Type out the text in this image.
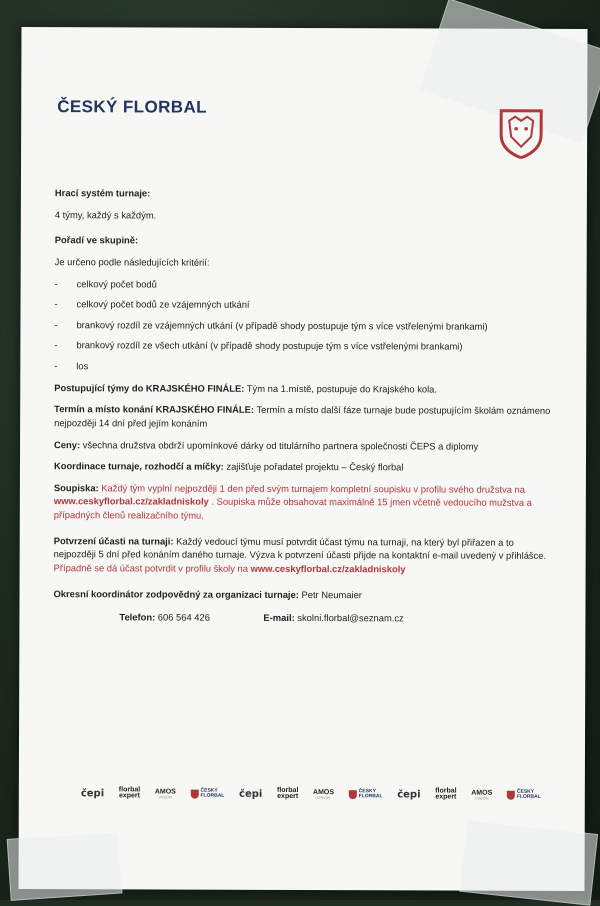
ČESKÝ FLORBAL

Hrací systém turnaje:

4 týmy, každý s každým.

Pořadí ve skupině:

Je určeno podle následujících kritérií:

- celkový počet bodů
- celkový počet bodů ze vzájemných utkání
- brankový rozdíl ze vzájemných utkání (v případě shody postupuje tým s více vstřelenými brankami)
- brankový rozdíl ze všech utkání (v případě shody postupuje tým s více vstřelenými brankami)
- los

Postupující týmy do KRAJSKÉHO FINÁLE: Tým na 1.místě, postupuje do Krajského kola.

Termín a místo konání KRAJSKÉHO FINÁLE: Termín a místo další fáze turnaje bude postupujícím školám oznámeno nejpozději 14 dní před jejím konáním

Ceny: všechna družstva obdrží upomínkové dárky od titulárního partnera společnosti ČEPS a diplomy

Koordinace turnaje, rozhodčí a míčky: zajišťuje pořadatel projektu – Český florbal

Soupiska: Každý tým vyplní nejpozději 1 den před svým turnajem kompletní soupisku v profilu svého družstva na www.ceskyflorbal.cz/zakladniskoly . Soupiska může obsahovat maximálně 15 jmen včetně vedoucího mužstva a případných členů realizačního týmu.

Potvrzení účasti na turnaji: Každý vedoucí týmu musí potvrdit účast týmu na turnaji, na který byl přiřazen a to nejpozději 5 dní před konáním daného turnaje. Výzva k potvrzení účasti přijde na kontaktní e-mail uvedený v přihlášce. Případně se dá účast potvrdit v profilu školy na www.ceskyflorbal.cz/zakladniskoly

Okresní koordinátor zodpovědný za organizaci turnaje: Petr Neumaier

Telefon: 606 564 426	E-mail: skolni.florbal@seznam.cz
čepi florbal
expert
AMOS
VISION
ČESKÝ
FLORBAL čepi florbal
expert
AMOS
VISION
ČESKÝ
FLORBAL čepi florbal
expert
AMOS
VISION
ČESKÝ
FLORBAL
